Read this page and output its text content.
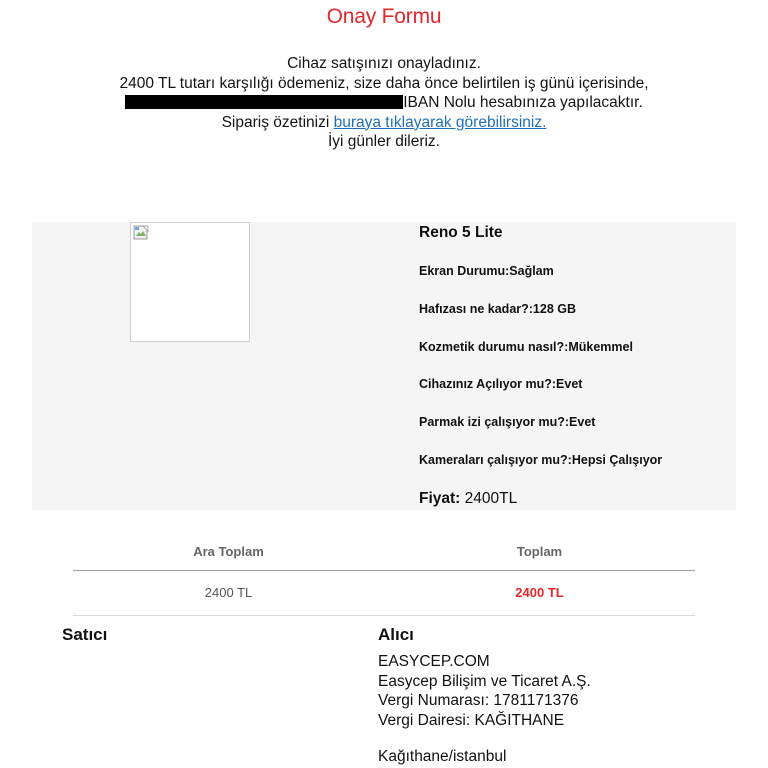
Onay Formu
Cihaz satışınızı onayladınız.
2400 TL tutarı karşılığı ödemeniz, size daha önce belirtilen iş günü içerisinde,
IBAN Nolu hesabınıza yapılacaktır.
Sipariş özetinizi buraya tıklayarak görebilirsiniz.
İyi günler dileriz.
Reno 5 Lite
Ekran Durumu:Sağlam
Hafızası ne kadar?:128 GB
Kozmetik durumu nasıl?:Mükemmel
Cihazınız Açılıyor mu?:Evet
Parmak izi çalışıyor mu?:Evet
Kameraları çalışıyor mu?:Hepsi Çalışıyor
Fiyat: 2400TL
Ara Toplam	Toplam
2400 TL	2400 TL
Satıcı	Alıcı
EASYCEP.COM
Easycep Bilişim ve Ticaret A.Ş.
Vergi Numarası: 1781171376
Vergi Dairesi: KAĞITHANE
Kağıthane/istanbul
